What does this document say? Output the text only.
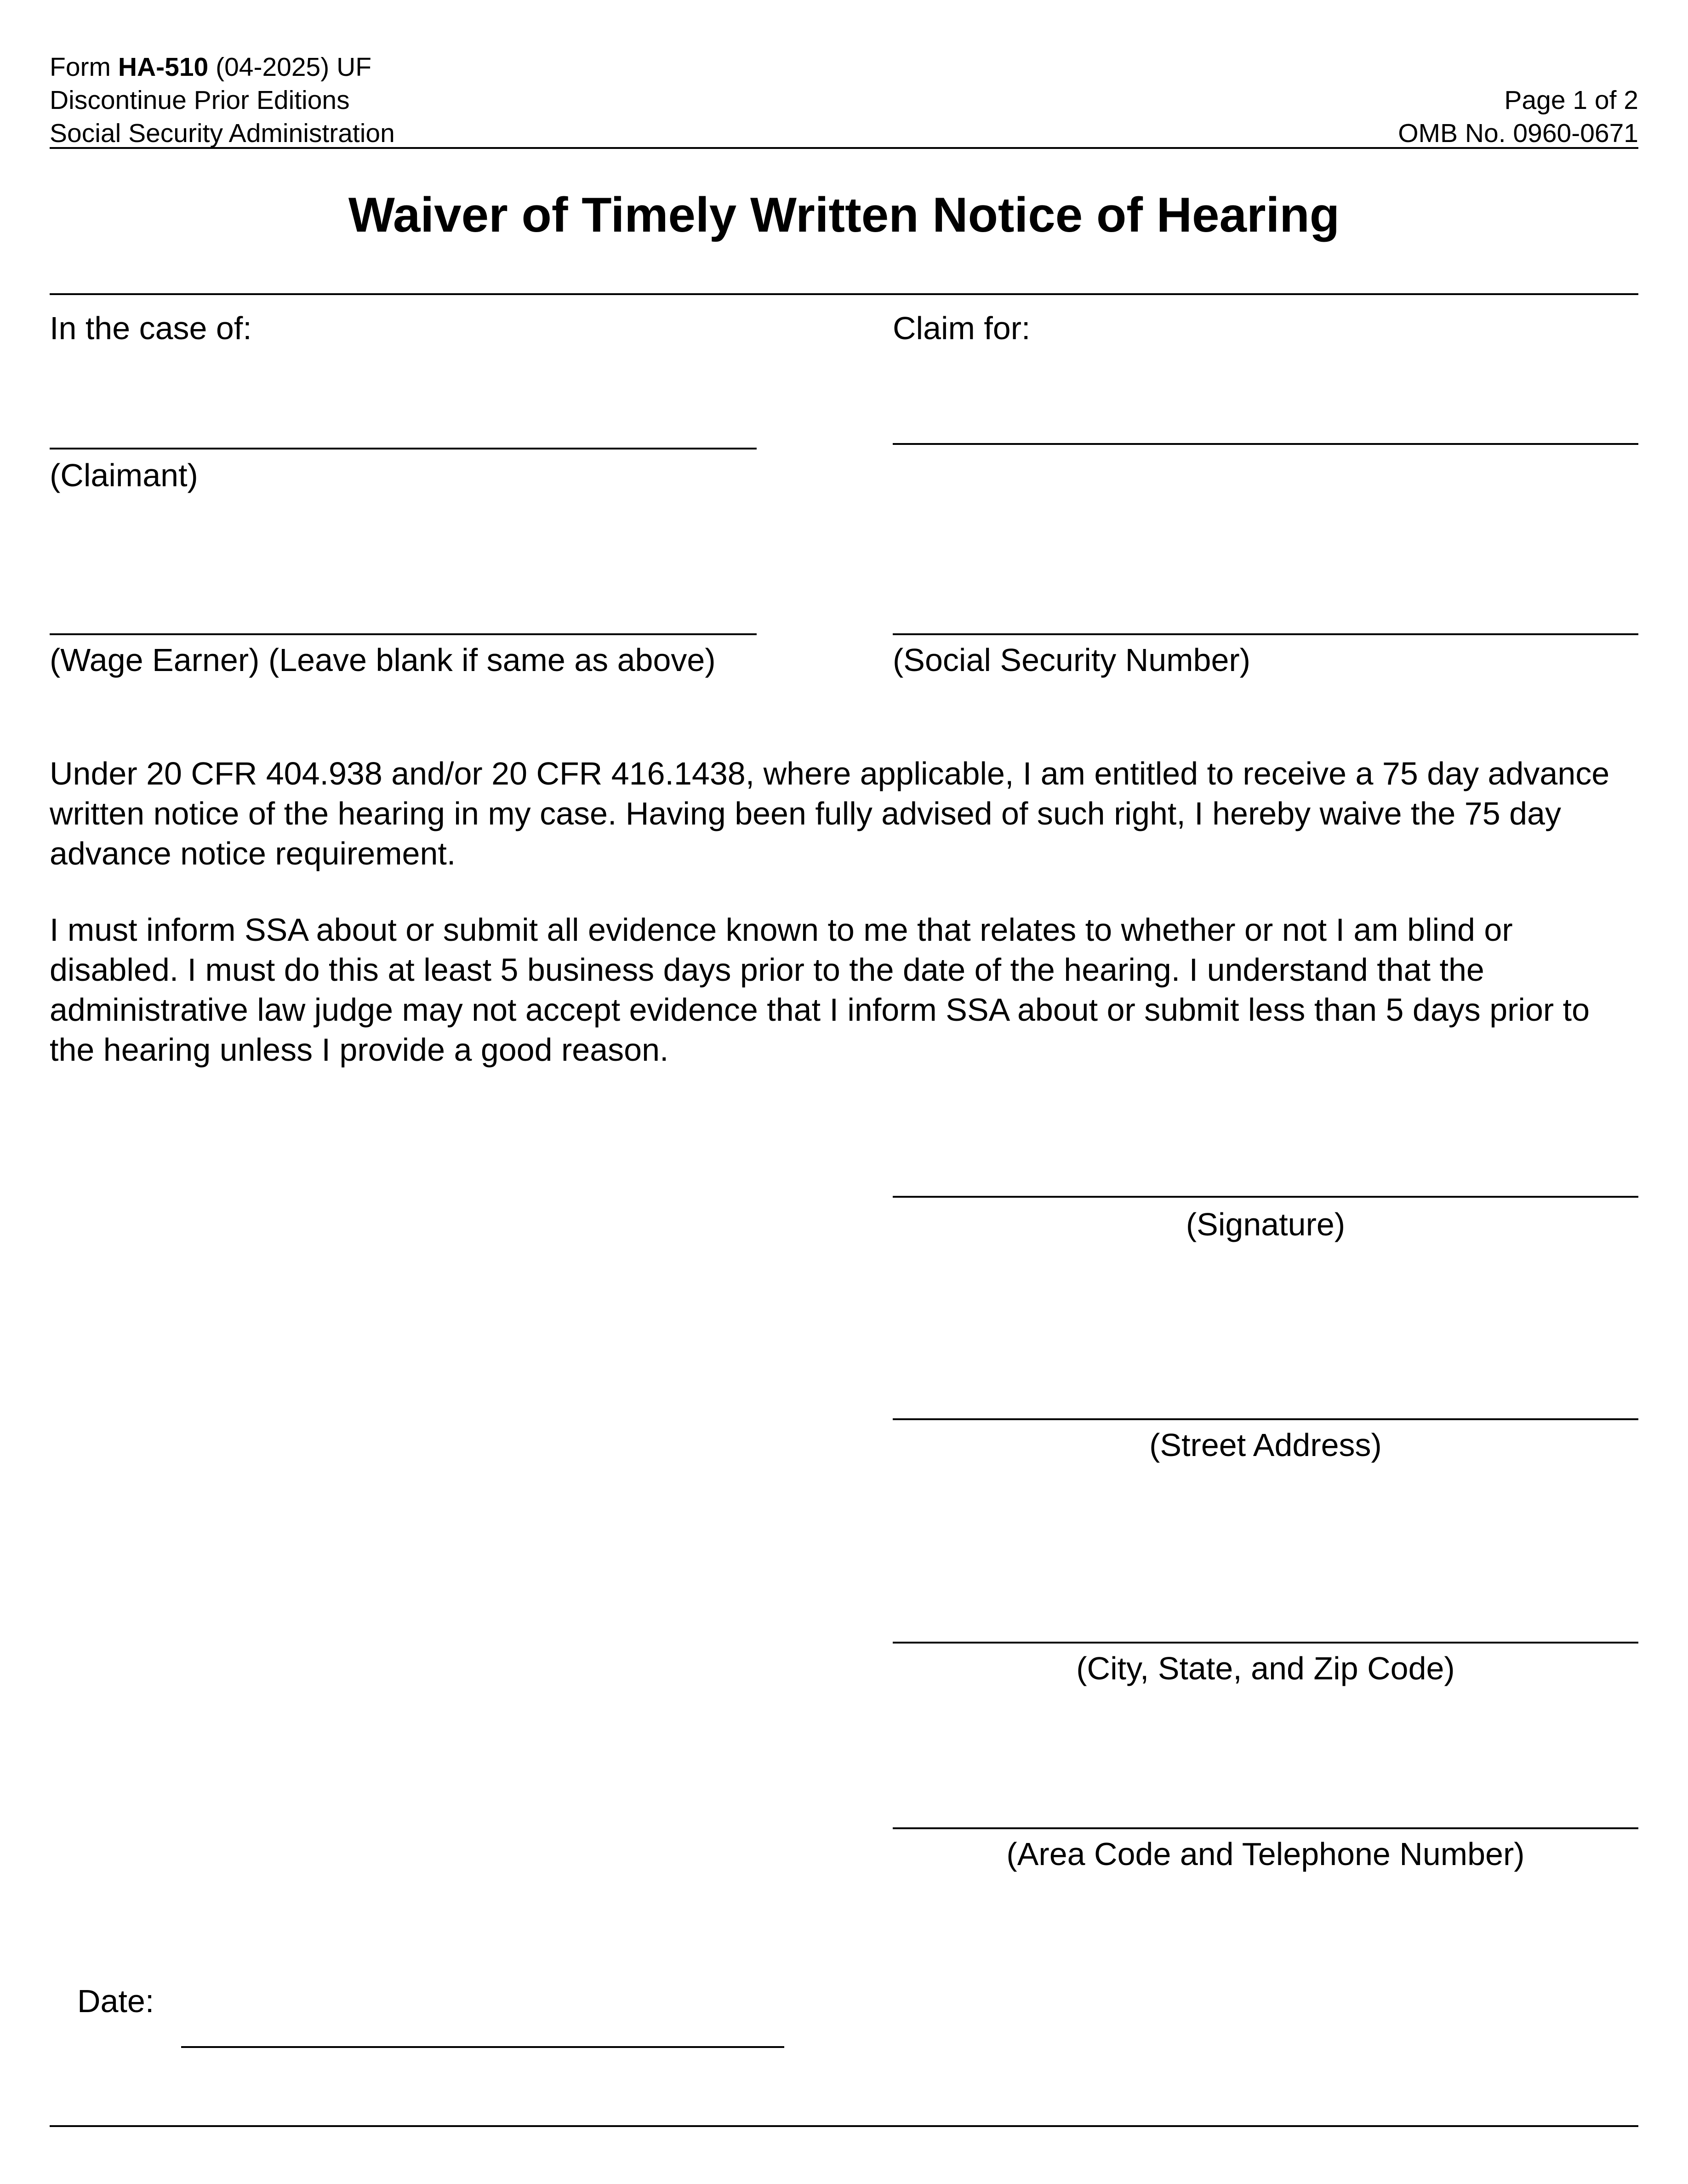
Form HA-510 (04-2025) UF
Discontinue Prior Editions
Social Security Administration
Page 1 of 2
OMB No. 0960-0671
Waiver of Timely Written Notice of Hearing
In the case of:	Claim for:
(Claimant)
(Wage Earner) (Leave blank if same as above)	(Social Security Number)
Under 20 CFR 404.938 and/or 20 CFR 416.1438, where applicable, I am entitled to receive a 75 day advance written notice of the hearing in my case. Having been fully advised of such right, I hereby waive the 75 day advance notice requirement.
I must inform SSA about or submit all evidence known to me that relates to whether or not I am blind or disabled. I must do this at least 5 business days prior to the date of the hearing. I understand that the administrative law judge may not accept evidence that I inform SSA about or submit less than 5 days prior to the hearing unless I provide a good reason.
(Signature)
(Street Address)
(City, State, and Zip Code)
(Area Code and Telephone Number)
Date:
